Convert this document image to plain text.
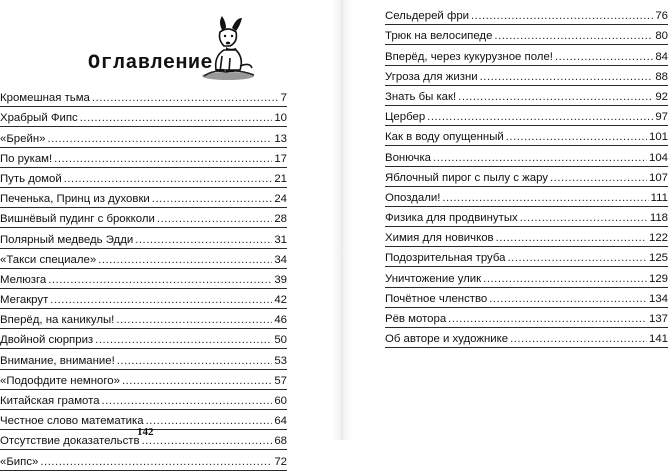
Оглавление
Кромешная тьма .....	7
Храбрый Фипс .....	10
«Брейн» .....	13
По рукам! .....	17
Путь домой .....	21
Печенька, Принц из духовки .....	24
Вишнёвый пудинг с брокколи .....	28
Полярный медведь Эдди .....	31
«Такси специале» .....	34
Мелюзга .....	39
Мегакрут .....	42
Вперёд, на каникулы! .....	46
Двойной сюрприз .....	50
Внимание, внимание! .....	53
«Подофдите немного» .....	57
Китайская грамота .....	60
Честное слово математика .....	64
Отсутствие доказательств .....	68
«Бипс» .....	72
Сельдерей фри .....	76
Трюк на велосипеде .....	80
Вперёд, через кукурузное поле! .....	84
Угроза для жизни .....	88
Знать бы как! .....	92
Цербер .....	97
Как в воду опущенный .....	101
Вонючка .....	104
Яблочный пирог с пылу с жару .....	107
Опоздали! .....	111
Физика для продвинутых .....	118
Химия для новичков .....	122
Подозрительная труба .....	125
Уничтожение улик .....	129
Почётное членство .....	134
Рёв мотора .....	137
Об авторе и художнике .....	141
142
